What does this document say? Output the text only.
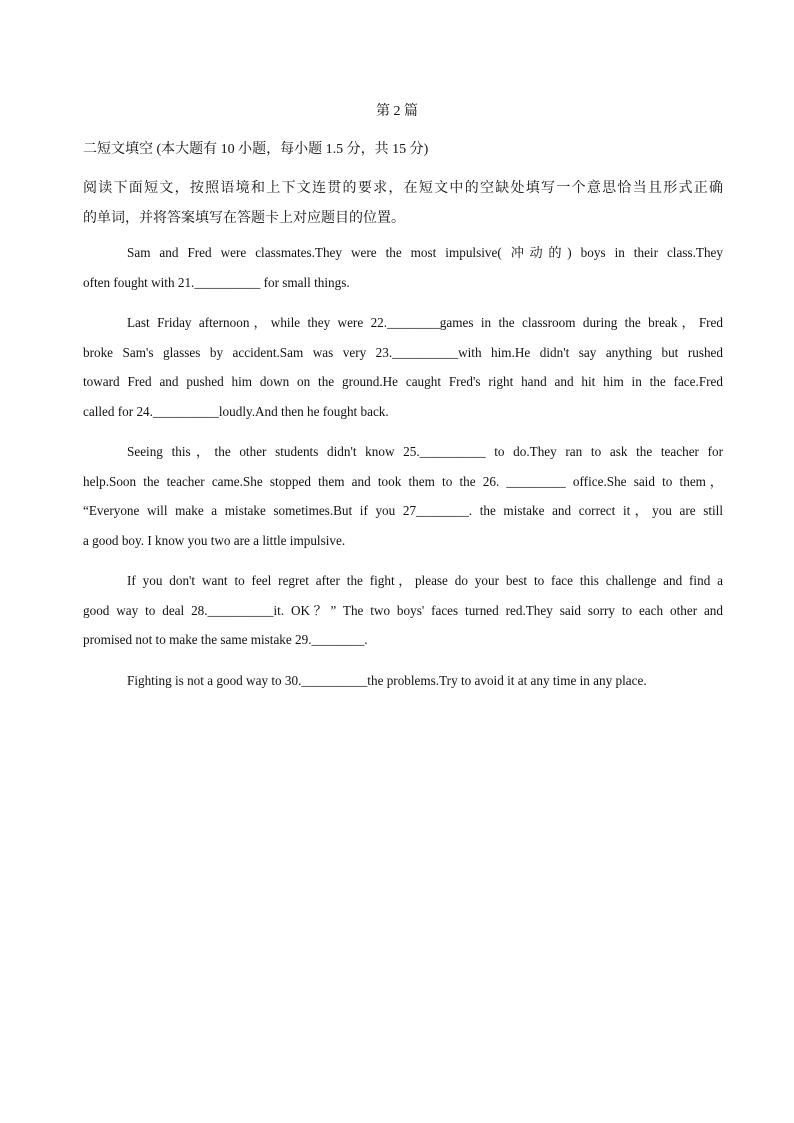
第 2 篇
二短文填空 (本大题有 10 小题，每小题 1.5 分，共 15 分)
阅读下面短文，按照语境和上下文连贯的要求，在短文中的空缺处填写一个意思恰当且形式正确
的单词，并将答案填写在答题卡上对应题目的位置。
Sam and Fred were classmates.They were the most impulsive( 冲动的) boys in their class.They
often fought with 21.__________ for small things.
Last Friday afternoon，while they were 22.________games in the classroom during the break，Fred
broke Sam's glasses by accident.Sam was very 23.__________with him.He didn't say anything but rushed
toward Fred and pushed him down on the ground.He caught Fred's right hand and hit him in the face.Fred
called for 24.__________loudly.And then he fought back.
Seeing this，the other students didn't know 25.__________ to do.They ran to ask the teacher for
help.Soon the teacher came.She stopped them and took them to the 26. _________ office.She said to them，
“Everyone will make a mistake sometimes.But if you 27________. the mistake and correct it，you are still
a good boy. I know you two are a little impulsive.
If you don't want to feel regret after the fight，please do your best to face this challenge and find a
good way to deal 28.__________it. OK？” The two boys' faces turned red.They said sorry to each other and
promised not to make the same mistake 29.________.
Fighting is not a good way to 30.__________the problems.Try to avoid it at any time in any place.
